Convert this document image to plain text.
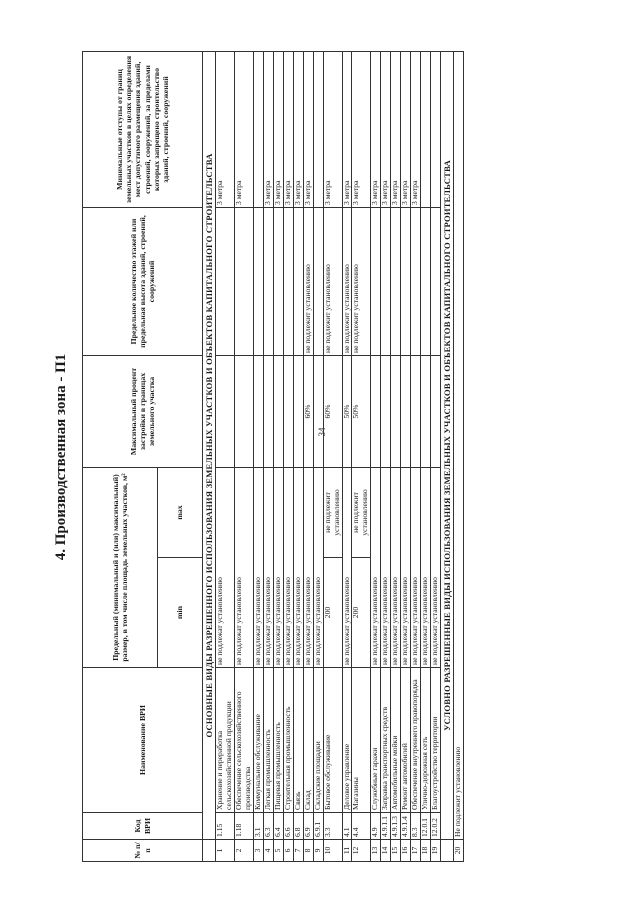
34
4. Производственная зона - П1
№ п/п	Код ВРИ	Наименование ВРИ	Предельный (минимальный и (или) максимальный) размер, в том числе площадь земельных участков, м²		Максимальный процент застройки в границах земельного участка	Предельное количество этажей или предельная высота зданий, строений, сооружений	Минимальные отступы от границ земельных участков в целях определения мест допустимого размещения зданий, строений, сооружений, за пределами которых запрещено строительство зданий, строений, сооружений
			min	max			
	ОСНОВНЫЕ ВИДЫ РАЗРЕШЕННОГО ИСПОЛЬЗОВАНИЯ ЗЕМЕЛЬНЫХ УЧАСТКОВ И ОБЪЕКТОВ КАПИТАЛЬНОГО СТРОИТЕЛЬСТВА						
1	1.15	Хранение и переработка сельскохозяйственной продукции	не подлежат установлению				3 метра
2	1.18	Обеспечение сельскохозяйственного производства	не подлежат установлению				3 метра
3	3.1	Коммунальное обслуживание	не подлежат установлению				
4	6.3	Легкая промышленность	не подлежат установлению				3 метра
5	6.4	Пищевая промышленность	не подлежат установлению				3 метра
6	6.6	Строительная промышленность	не подлежат установлению				3 метра
7	6.8	Связь	не подлежат установлению				3 метра
8	6.9	Склад	не подлежат установлению		60%	не подлежит установлению	3 метра
9	6.9.1	Складские площадки	не подлежат установлению				
10	3.3	Бытовое обслуживание	200	не подлежит установлению	60%	не подлежит установлению	3 метра
11	4.1	Деловое управление	не подлежат установлению		50%	не подлежит установлению	3 метра
12	4.4	Магазины	200	не подлежит установлению	50%	не подлежит установлению	3 метра
13	4.9	Служебные гаражи	не подлежат установлению				3 метра
14	4.9.1.1	Заправка транспортных средств	не подлежат установлению				3 метра
15	4.9.1.3	Автомобильные мойки	не подлежат установлению				3 метра
16	4.9.1.4	Ремонт автомобилей	не подлежат установлению				3 метра
17	8.3	Обеспечение внутреннего правопорядка	не подлежат установлению				3 метра
18	12.0.1	Улично-дорожная сеть	не подлежат установлению				
19	12.0.2	Благоустройство территории	не подлежат установлению				
	УСЛОВНО РАЗРЕШЕННЫЕ ВИДЫ ИСПОЛЬЗОВАНИЯ ЗЕМЕЛЬНЫХ УЧАСТКОВ И ОБЪЕКТОВ КАПИТАЛЬНОГО СТРОИТЕЛЬСТВА						
20	Не подлежит установлению						
